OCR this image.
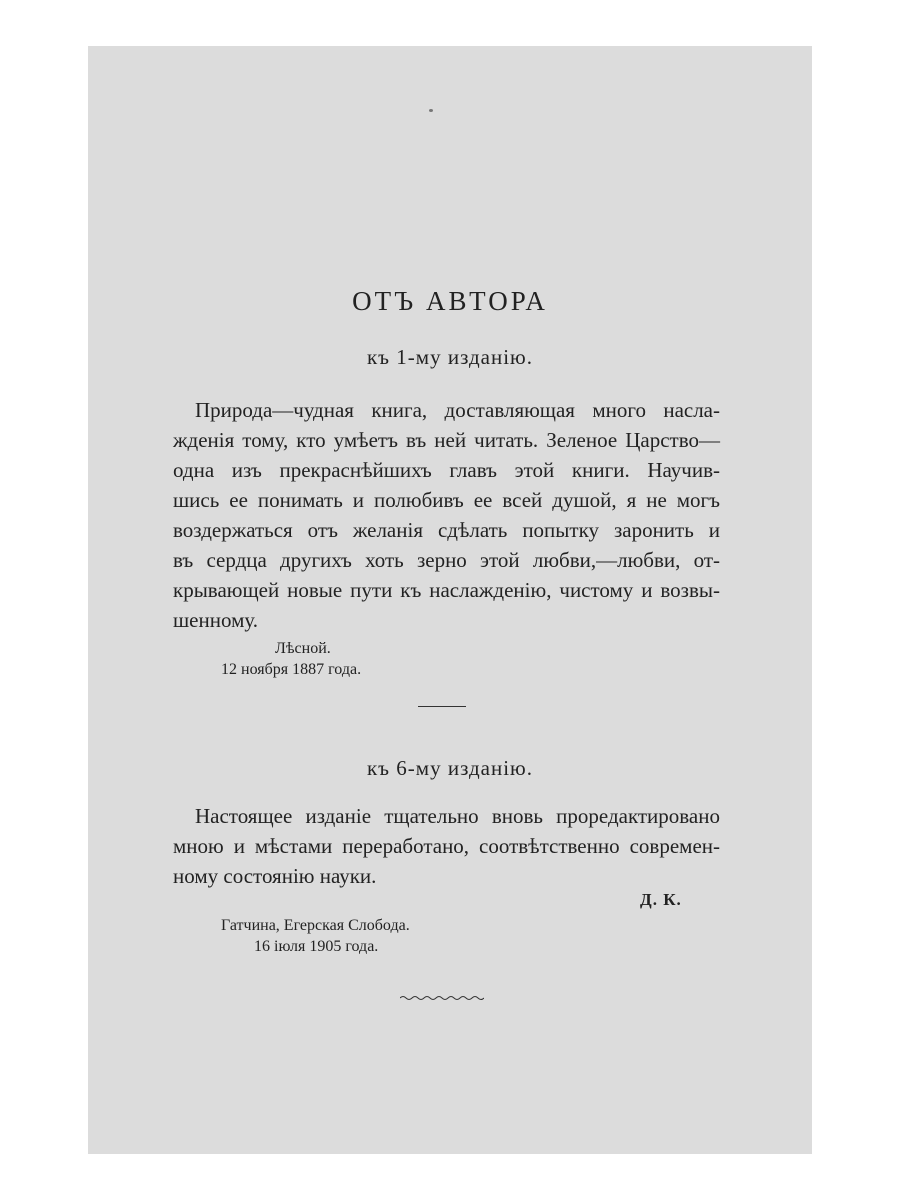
ОТЪ АВТОРА
къ 1-му изданію.
Природа—чудная книга, доставляющая много насла-
жденія тому, кто умѣетъ въ ней читать. Зеленое Царство—
одна изъ прекраснѣйшихъ главъ этой книги. Научив-
шись ее понимать и полюбивъ ее всей душой, я не могъ
воздержаться отъ желанія сдѣлать попытку заронить и
въ сердца другихъ хоть зерно этой любви,—любви, от-
крывающей новые пути къ наслажденію, чистому и возвы-
шенному.
Лѣсной.
12 ноября 1887 года.
къ 6-му изданію.
Настоящее изданіе тщательно вновь проредактировано
мною и мѣстами переработано, соотвѣтственно современ-
ному состоянію науки.
Д. К.
Гатчина, Егерская Слобода.
16 іюля 1905 года.
